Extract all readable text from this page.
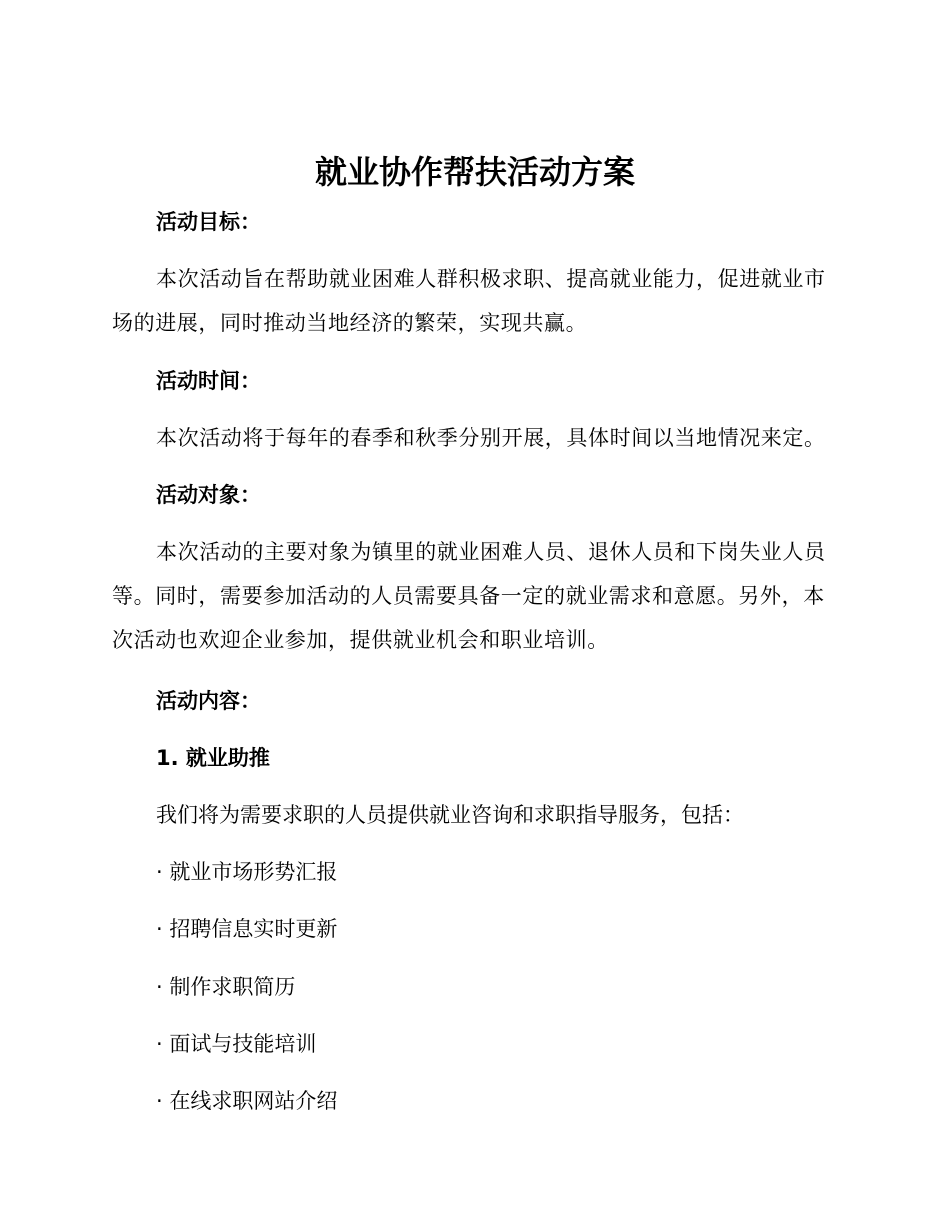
就业协作帮扶活动方案

活动目标：

本次活动旨在帮助就业困难人群积极求职、提高就业能力，促进就业市场的进展，同时推动当地经济的繁荣，实现共赢。

活动时间：

本次活动将于每年的春季和秋季分别开展，具体时间以当地情况来定。

活动对象：

本次活动的主要对象为镇里的就业困难人员、退休人员和下岗失业人员等。同时，需要参加活动的人员需要具备一定的就业需求和意愿。另外，本次活动也欢迎企业参加，提供就业机会和职业培训。

活动内容：

1. 就业助推

我们将为需要求职的人员提供就业咨询和求职指导服务，包括：

· 就业市场形势汇报

· 招聘信息实时更新

· 制作求职简历

· 面试与技能培训

· 在线求职网站介绍
